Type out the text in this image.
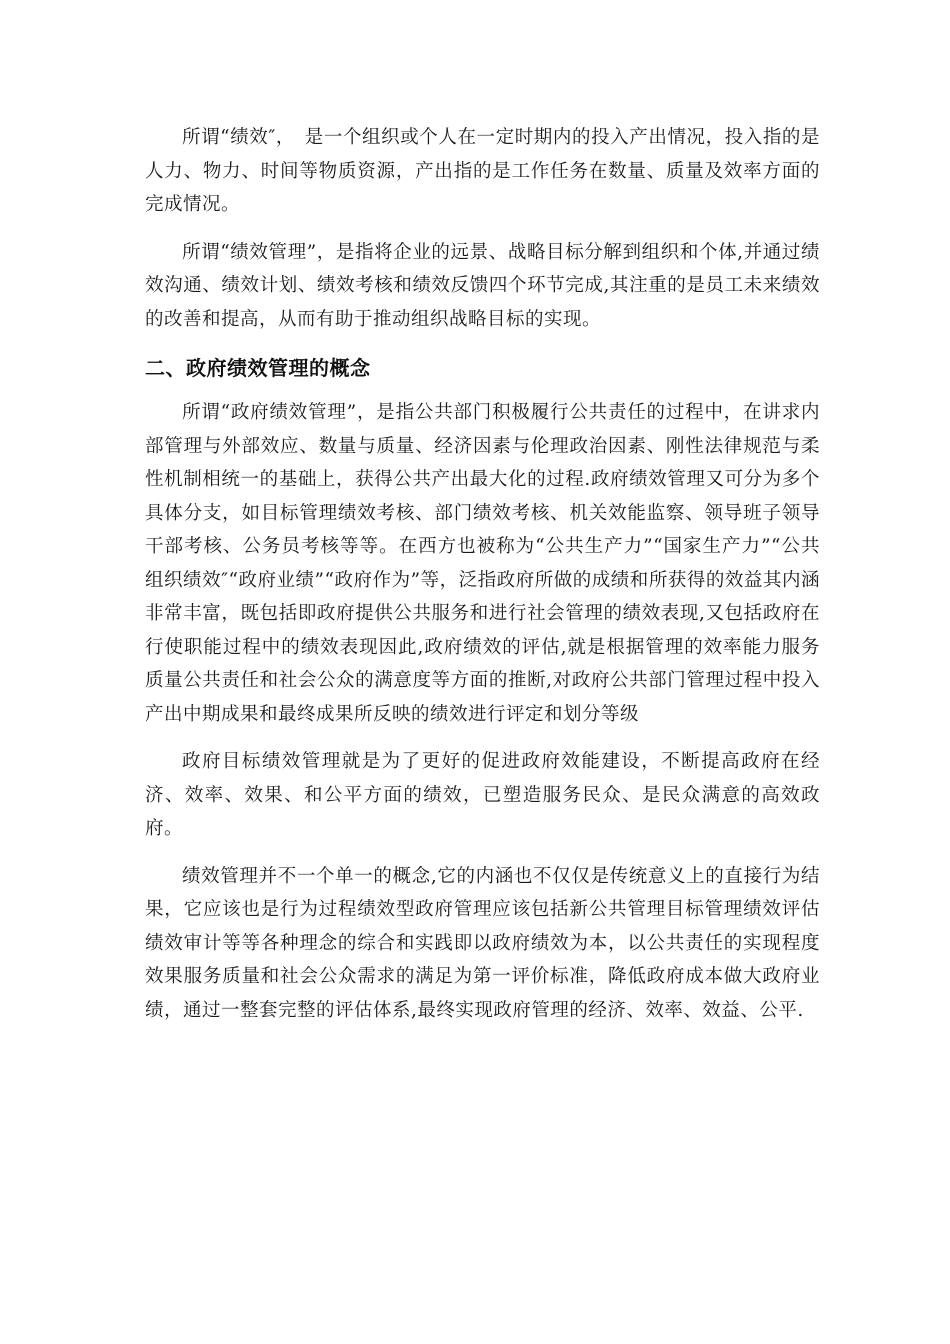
所谓“绩效″，　是一个组织或个人在一定时期内的投入产出情况，投入指的是人力、物力、时间等物质资源，产出指的是工作任务在数量、质量及效率方面的完成情况。

所谓“绩效管理”，是指将企业的远景、战略目标分解到组织和个体,并通过绩效沟通、绩效计划、绩效考核和绩效反馈四个环节完成,其注重的是员工未来绩效的改善和提高，从而有助于推动组织战略目标的实现。

二、政府绩效管理的概念

所谓“政府绩效管理”，是指公共部门积极履行公共责任的过程中，在讲求内部管理与外部效应、数量与质量、经济因素与伦理政治因素、刚性法律规范与柔性机制相统一的基础上，获得公共产出最大化的过程.政府绩效管理又可分为多个具体分支，如目标管理绩效考核、部门绩效考核、机关效能监察、领导班子领导干部考核、公务员考核等等。在西方也被称为“公共生产力”“国家生产力”“公共组织绩效″“政府业绩”“政府作为”等，泛指政府所做的成绩和所获得的效益其内涵非常丰富，既包括即政府提供公共服务和进行社会管理的绩效表现,又包括政府在行使职能过程中的绩效表现因此,政府绩效的评估,就是根据管理的效率能力服务质量公共责任和社会公众的满意度等方面的推断,对政府公共部门管理过程中投入产出中期成果和最终成果所反映的绩效进行评定和划分等级

政府目标绩效管理就是为了更好的促进政府效能建设，不断提高政府在经济、效率、效果、和公平方面的绩效，已塑造服务民众、是民众满意的高效政府。

绩效管理并不一个单一的概念,它的内涵也不仅仅是传统意义上的直接行为结果，它应该也是行为过程绩效型政府管理应该包括新公共管理目标管理绩效评估绩效审计等等各种理念的综合和实践即以政府绩效为本，以公共责任的实现程度效果服务质量和社会公众需求的满足为第一评价标准，降低政府成本做大政府业绩，通过一整套完整的评估体系,最终实现政府管理的经济、效率、效益、公平.
